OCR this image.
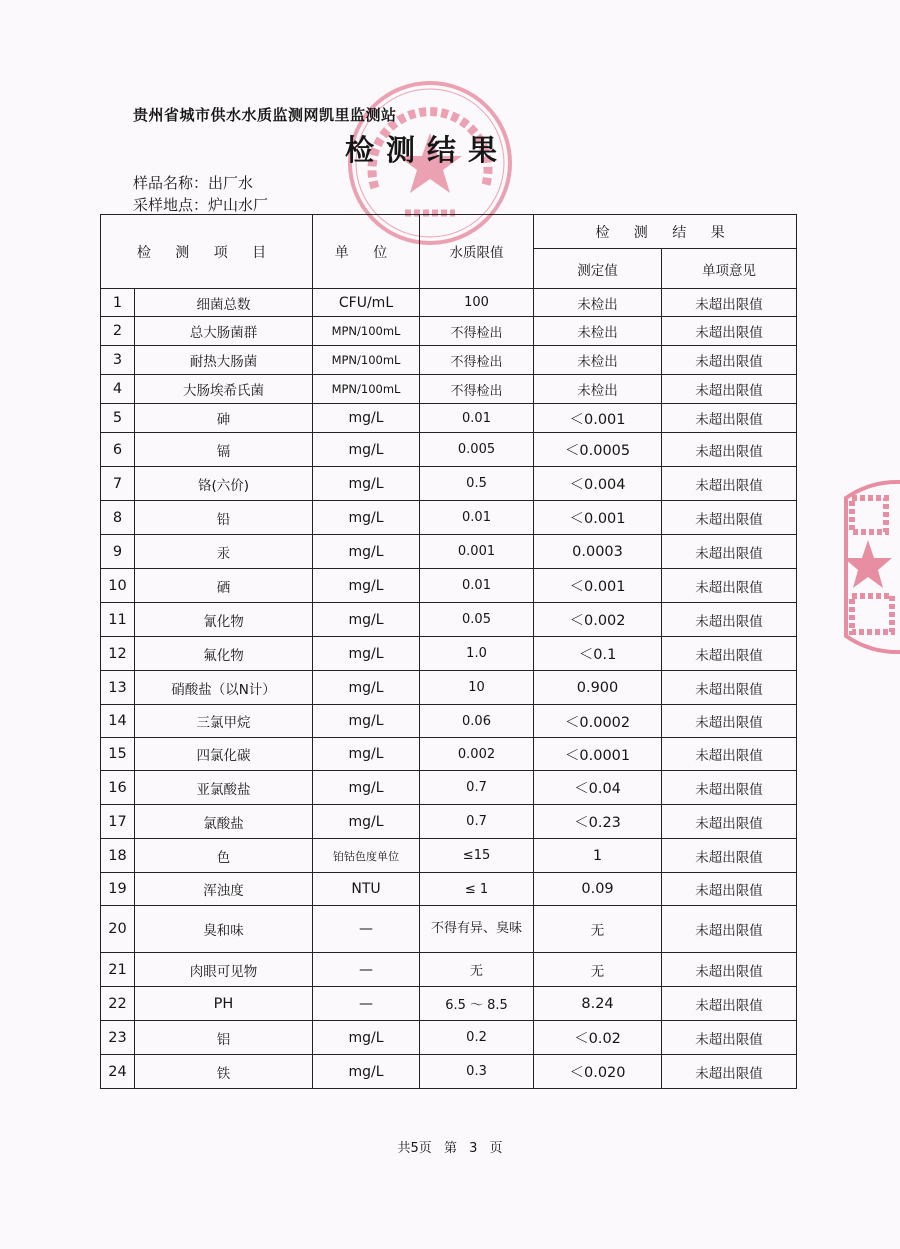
贵州省城市供水水质监测网凯里监测站
检测结果
样品名称：出厂水
采样地点：炉山水厂
检 测 项 目		单 位	水质限值	检 测 结 果	
				测定值	单项意见
1	细菌总数	CFU/mL	100	未检出	未超出限值
2	总大肠菌群	MPN/100mL	不得检出	未检出	未超出限值
3	耐热大肠菌	MPN/100mL	不得检出	未检出	未超出限值
4	大肠埃希氏菌	MPN/100mL	不得检出	未检出	未超出限值
5	砷	mg/L	0.01	＜0.001	未超出限值
6	镉	mg/L	0.005	＜0.0005	未超出限值
7	铬(六价)	mg/L	0.5	＜0.004	未超出限值
8	铅	mg/L	0.01	＜0.001	未超出限值
9	汞	mg/L	0.001	0.0003	未超出限值
10	硒	mg/L	0.01	＜0.001	未超出限值
11	氰化物	mg/L	0.05	＜0.002	未超出限值
12	氟化物	mg/L	1.0	＜0.1	未超出限值
13	硝酸盐（以N计）	mg/L	10	0.900	未超出限值
14	三氯甲烷	mg/L	0.06	＜0.0002	未超出限值
15	四氯化碳	mg/L	0.002	＜0.0001	未超出限值
16	亚氯酸盐	mg/L	0.7	＜0.04	未超出限值
17	氯酸盐	mg/L	0.7	＜0.23	未超出限值
18	色	铂钴色度单位	≤15	1	未超出限值
19	浑浊度	NTU	≤ 1	0.09	未超出限值
20	臭和味	—	不得有异、臭味	无	未超出限值
21	肉眼可见物	—	无	无	未超出限值
22	PH	—	6.5 ～ 8.5	8.24	未超出限值
23	铝	mg/L	0.2	＜0.02	未超出限值
24	铁	mg/L	0.3	＜0.020	未超出限值
共5页 第 3 页
